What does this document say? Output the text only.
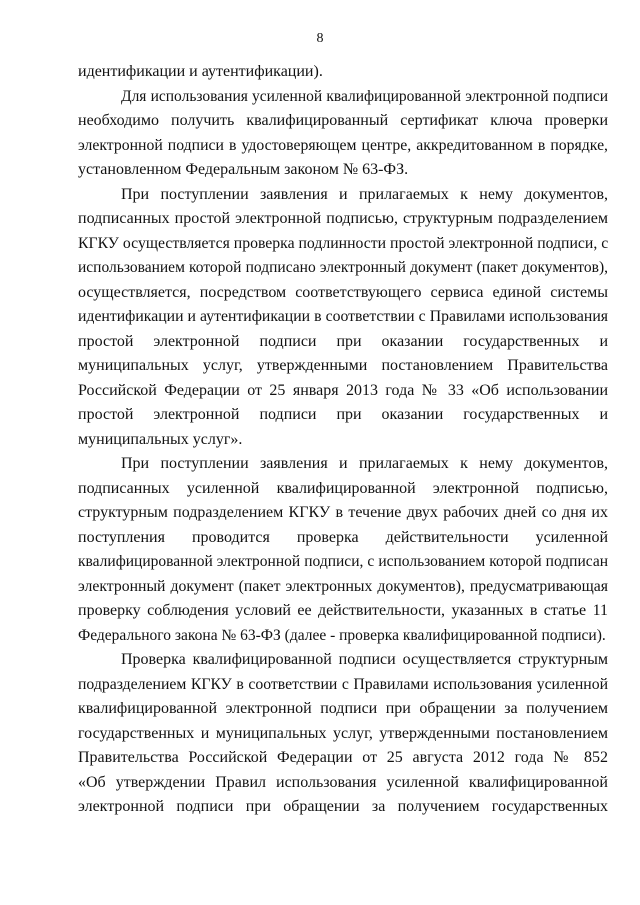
8
идентификации и аутентификации).
Для использования усиленной квалифицированной электронной подписи
необходимо получить квалифицированный сертификат ключа проверки
электронной подписи в удостоверяющем центре, аккредитованном в порядке,
установленном Федеральным законом № 63-ФЗ.
При поступлении заявления и прилагаемых к нему документов,
подписанных простой электронной подписью, структурным подразделением
КГКУ осуществляется проверка подлинности простой электронной подписи, с
использованием которой подписано электронный документ (пакет документов),
осуществляется, посредством соответствующего сервиса единой системы
идентификации и аутентификации в соответствии с Правилами использования
простой электронной подписи при оказании государственных и
муниципальных услуг, утвержденными постановлением Правительства
Российской Федерации от 25 января 2013 года № 33 «Об использовании
простой электронной подписи при оказании государственных и
муниципальных услуг».
При поступлении заявления и прилагаемых к нему документов,
подписанных усиленной квалифицированной электронной подписью,
структурным подразделением КГКУ в течение двух рабочих дней со дня их
поступления проводится проверка действительности усиленной
квалифицированной электронной подписи, с использованием которой подписан
электронный документ (пакет электронных документов), предусматривающая
проверку соблюдения условий ее действительности, указанных в статье 11
Федерального закона № 63-ФЗ (далее - проверка квалифицированной подписи).
Проверка квалифицированной подписи осуществляется структурным
подразделением КГКУ в соответствии с Правилами использования усиленной
квалифицированной электронной подписи при обращении за получением
государственных и муниципальных услуг, утвержденными постановлением
Правительства Российской Федерации от 25 августа 2012 года № 852
«Об утверждении Правил использования усиленной квалифицированной
электронной подписи при обращении за получением государственных
